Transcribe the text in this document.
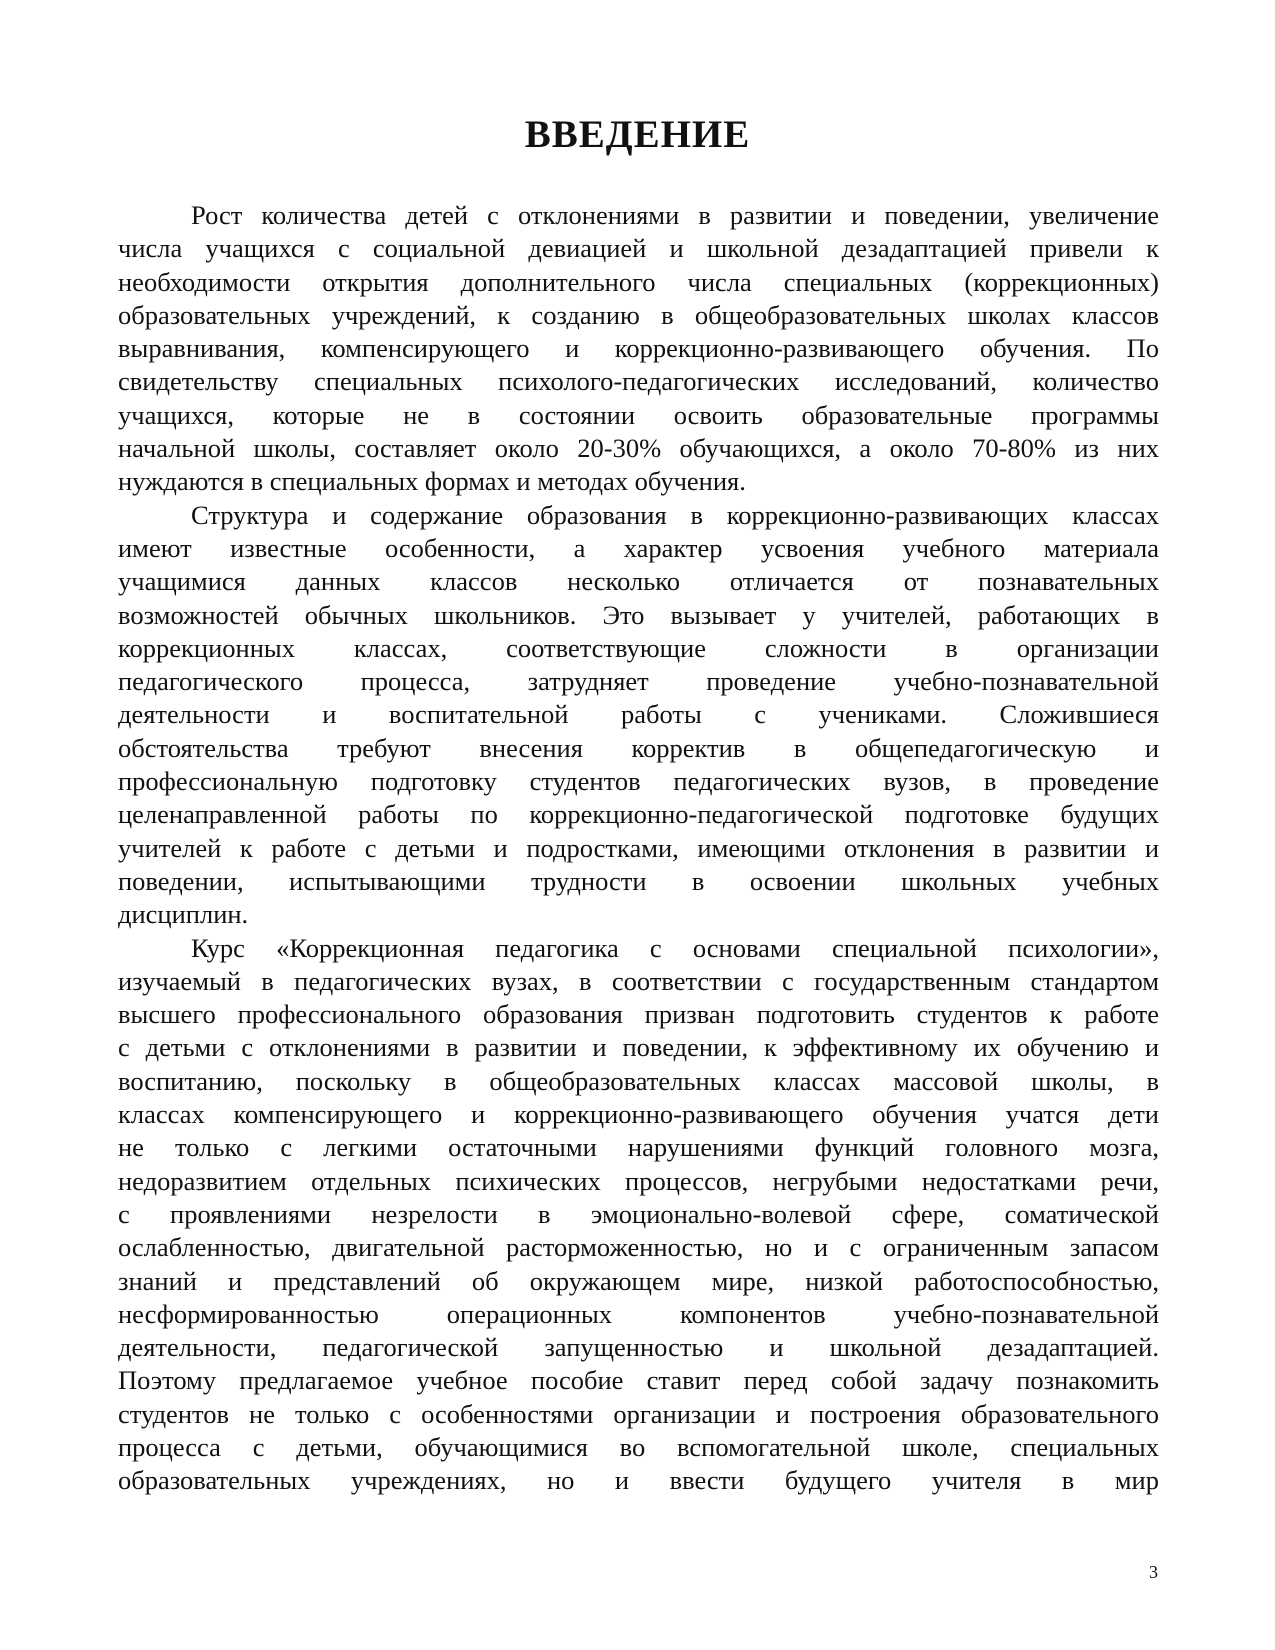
ВВЕДЕНИЕ
Рост количества детей с отклонениями в развитии и поведении, увеличение
числа учащихся с социальной девиацией и школьной дезадаптацией привели к
необходимости открытия дополнительного числа специальных (коррекционных)
образовательных учреждений, к созданию в общеобразовательных школах классов
выравнивания, компенсирующего и коррекционно-развивающего обучения. По
свидетельству специальных психолого-педагогических исследований, количество
учащихся, которые не в состоянии освоить образовательные программы
начальной школы, составляет около 20-30% обучающихся, а около 70-80% из них
нуждаются в специальных формах и методах обучения.
Структура и содержание образования в коррекционно-развивающих классах
имеют известные особенности, а характер усвоения учебного материала
учащимися данных классов несколько отличается от познавательных
возможностей обычных школьников. Это вызывает у учителей, работающих в
коррекционных классах, соответствующие сложности в организации
педагогического процесса, затрудняет проведение учебно-познавательной
деятельности и воспитательной работы с учениками. Сложившиеся
обстоятельства требуют внесения корректив в общепедагогическую и
профессиональную подготовку студентов педагогических вузов, в проведение
целенаправленной работы по коррекционно-педагогической подготовке будущих
учителей к работе с детьми и подростками, имеющими отклонения в развитии и
поведении, испытывающими трудности в освоении школьных учебных
дисциплин.
Курс «Коррекционная педагогика с основами специальной психологии»,
изучаемый в педагогических вузах, в соответствии с государственным стандартом
высшего профессионального образования призван подготовить студентов к работе
с детьми с отклонениями в развитии и поведении, к эффективному их обучению и
воспитанию, поскольку в общеобразовательных классах массовой школы, в
классах компенсирующего и коррекционно-развивающего обучения учатся дети
не только с легкими остаточными нарушениями функций головного мозга,
недоразвитием отдельных психических процессов, негрубыми недостатками речи,
с проявлениями незрелости в эмоционально-волевой сфере, соматической
ослабленностью, двигательной расторможенностью, но и с ограниченным запасом
знаний и представлений об окружающем мире, низкой работоспособностью,
несформированностью операционных компонентов учебно-познавательной
деятельности, педагогической запущенностью и школьной дезадаптацией.
Поэтому предлагаемое учебное пособие ставит перед собой задачу познакомить
студентов не только с особенностями организации и построения образовательного
процесса с детьми, обучающимися во вспомогательной школе, специальных
образовательных учреждениях, но и ввести будущего учителя в мир
3
